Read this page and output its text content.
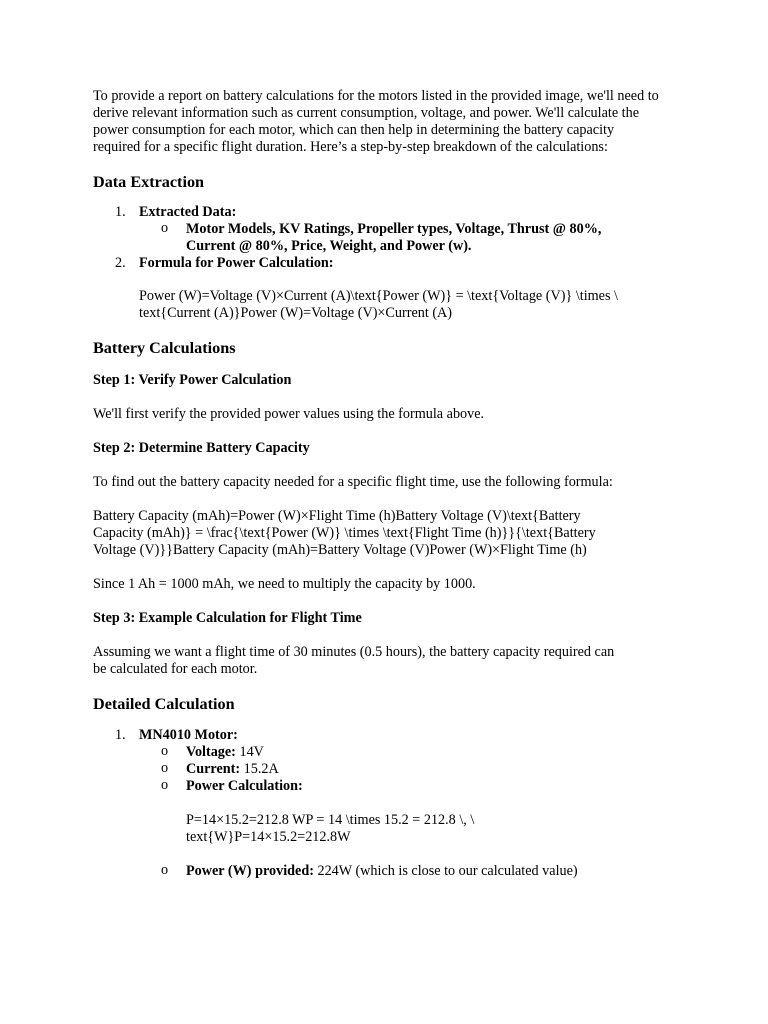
To provide a report on battery calculations for the motors listed in the provided image, we'll need to derive relevant information such as current consumption, voltage, and power. We'll calculate the power consumption for each motor, which can then help in determining the battery capacity required for a specific flight duration. Here’s a step-by-step breakdown of the calculations:

Data Extraction
1. Extracted Data:
o Motor Models, KV Ratings, Propeller types, Voltage, Thrust @ 80%,
Current @ 80%, Price, Weight, and Power (w).
2. Formula for Power Calculation:
Power (W)=Voltage (V)×Current (A)\text{Power (W)} = \text{Voltage (V)} \times \
text{Current (A)}Power (W)=Voltage (V)×Current (A)
Battery Calculations

Step 1: Verify Power Calculation

We'll first verify the provided power values using the formula above.

Step 2: Determine Battery Capacity

To find out the battery capacity needed for a specific flight time, use the following formula:

Battery Capacity (mAh)=Power (W)×Flight Time (h)Battery Voltage (V)\text{Battery
Capacity (mAh)} = \frac{\text{Power (W)} \times \text{Flight Time (h)}}{\text{Battery
Voltage (V)}}Battery Capacity (mAh)=Battery Voltage (V)Power (W)×Flight Time (h)

Since 1 Ah = 1000 mAh, we need to multiply the capacity by 1000.

Step 3: Example Calculation for Flight Time

Assuming we want a flight time of 30 minutes (0.5 hours), the battery capacity required can
be calculated for each motor.
Detailed Calculation
1. MN4010 Motor:
o Voltage: 14V
o Current: 15.2A
o Power Calculation:
P=14×15.2=212.8 WP = 14 \times 15.2 = 212.8 \, \
text{W}P=14×15.2=212.8W
o Power (W) provided: 224W (which is close to our calculated value)
